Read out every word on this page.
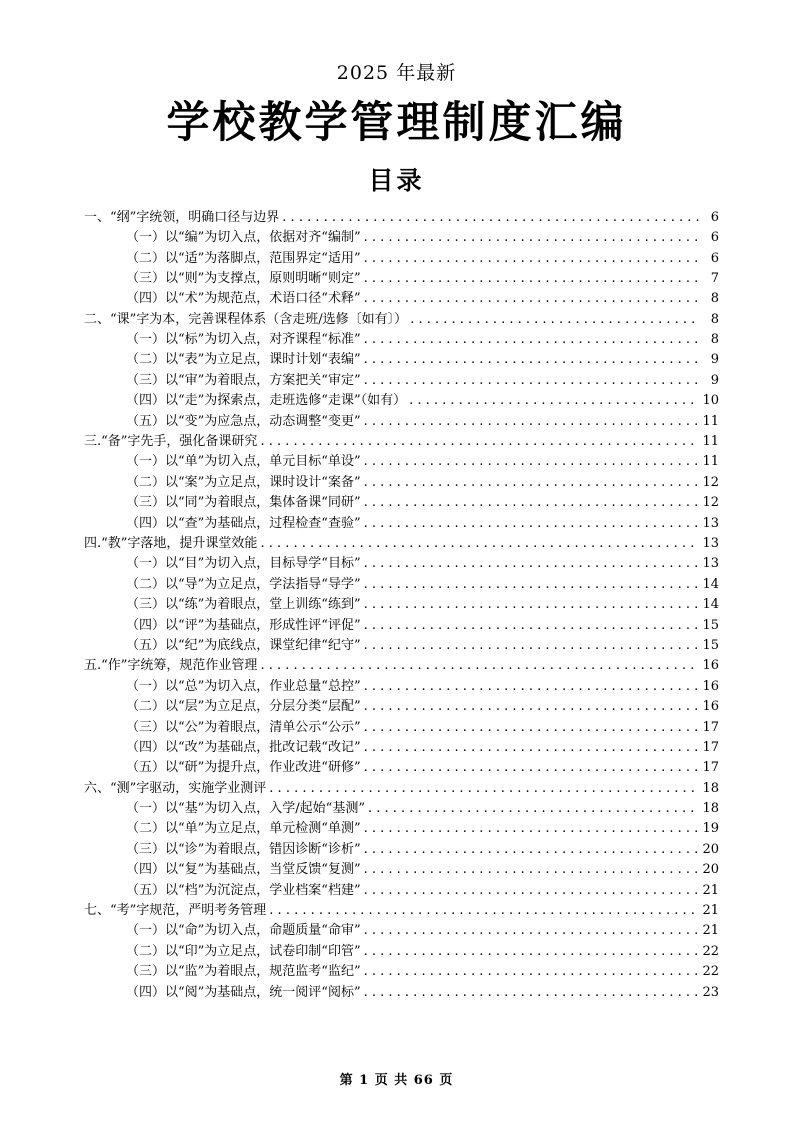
2025 年最新
学校教学管理制度汇编
目录
一、“纲”字统领，明确口径与边界 . . .	6
（一）以“编”为切入点，依据对齐“编制” . . .	6
（二）以“适”为落脚点，范围界定“适用” . . .	6
（三）以“则”为支撑点，原则明晰“则定” . . .	7
（四）以“术”为规范点，术语口径“术释” . . .	8
二、“课”字为本，完善课程体系（含走班/选修〔如有〕） . . .	8
（一）以“标”为切入点，对齐课程“标准” . . .	8
（二）以“表”为立足点，课时计划“表编” . . .	9
（三）以“审”为着眼点，方案把关“审定” . . .	9
（四）以“走”为探索点，走班选修“走课”（如有） . . .	10
（五）以“变”为应急点，动态调整“变更” . . .	11
三.“备”字先手，强化备课研究 . . .	11
（一）以“单”为切入点，单元目标“单设” . . .	11
（二）以“案”为立足点，课时设计“案备” . . .	12
（三）以“同”为着眼点，集体备课“同研” . . .	12
（四）以“查”为基础点，过程检查“查验” . . .	13
四.“教”字落地，提升课堂效能 . . .	13
（一）以“目”为切入点，目标导学“目标” . . .	13
（二）以“导”为立足点，学法指导“导学” . . .	14
（三）以“练”为着眼点，堂上训练“练到” . . .	14
（四）以“评”为基础点，形成性评“评促” . . .	15
（五）以“纪”为底线点，课堂纪律“纪守” . . .	15
五.“作”字统筹，规范作业管理 . . .	16
（一）以“总”为切入点，作业总量“总控” . . .	16
（二）以“层”为立足点，分层分类“层配” . . .	16
（三）以“公”为着眼点，清单公示“公示” . . .	17
（四）以“改”为基础点，批改记载“改记” . . .	17
（五）以“研”为提升点，作业改进“研修” . . .	17
六、“测”字驱动，实施学业测评 . . .	18
（一）以“基”为切入点，入学/起始“基测” . . .	18
（二）以“单”为立足点，单元检测“单测” . . .	19
（三）以“诊”为着眼点，错因诊断“诊析” . . .	20
（四）以“复”为基础点，当堂反馈“复测” . . .	20
（五）以“档”为沉淀点，学业档案“档建” . . .	21
七、“考”字规范，严明考务管理 . . .	21
（一）以“命”为切入点，命题质量“命审” . . .	21
（二）以“印”为立足点，试卷印制“印管” . . .	22
（三）以“监”为着眼点，规范监考“监纪” . . .	22
（四）以“阅”为基础点，统一阅评“阅标” . . .	23
第 1 页 共 66 页
